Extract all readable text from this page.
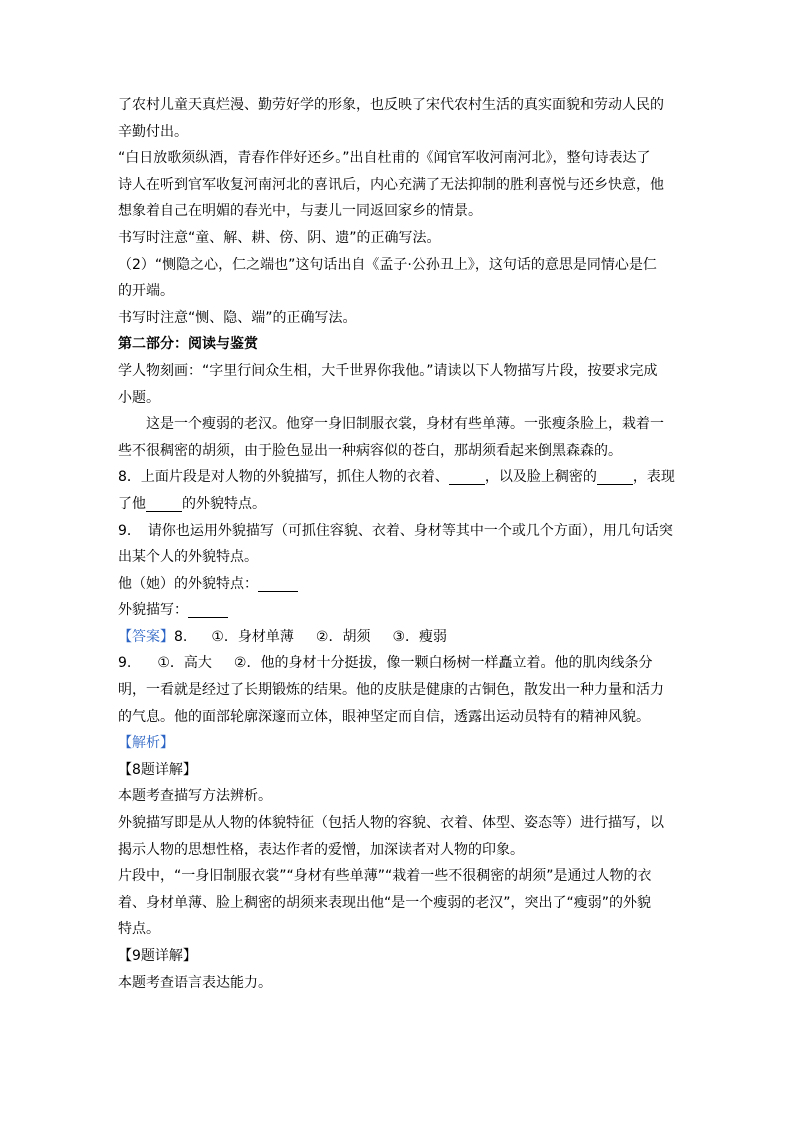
了农村儿童天真烂漫、勤劳好学的形象，也反映了宋代农村生活的真实面貌和劳动人民的

辛勤付出。

“白日放歌须纵酒，青春作伴好还乡。”出自杜甫的《闻官军收河南河北》，整句诗表达了

诗人在听到官军收复河南河北的喜讯后，内心充满了无法抑制的胜利喜悦与还乡快意，他

想象着自己在明媚的春光中，与妻儿一同返回家乡的情景。

书写时注意“童、解、耕、傍、阴、遗”的正确写法。

（2）“恻隐之心，仁之端也”这句话出自《孟子·公孙丑上》，这句话的意思是同情心是仁

的开端。

书写时注意“恻、隐、端”的正确写法。

第二部分：阅读与鉴赏

学人物刻画：“字里行间众生相，大千世界你我他。”请读以下人物描写片段，按要求完成

小题。

这是一个瘦弱的老汉。他穿一身旧制服衣裳，身材有些单薄。一张瘦条脸上，栽着一

些不很稠密的胡须，由于脸色显出一种病容似的苍白，那胡须看起来倒黑森森的。

8．上面片段是对人物的外貌描写，抓住人物的衣着、	，以及脸上稠密的	，表现

了他	的外貌特点。

9．　请你也运用外貌描写（可抓住容貌、衣着、身材等其中一个或几个方面），用几句话突

出某个人的外貌特点。

他（她）的外貌特点：

外貌描写：

【答案】8. ①．身材单薄 ②．胡须 ③．瘦弱

9. ①．高大 ②．他的身材十分挺拔，像一颗白杨树一样矗立着。他的肌肉线条分

明，一看就是经过了长期锻炼的结果。他的皮肤是健康的古铜色，散发出一种力量和活力

的气息。他的面部轮廓深邃而立体，眼神坚定而自信，透露出运动员特有的精神风貌。

【解析】

【8题详解】

本题考查描写方法辨析。

外貌描写即是从人物的体貌特征（包括人物的容貌、衣着、体型、姿态等）进行描写，以

揭示人物的思想性格，表达作者的爱憎，加深读者对人物的印象。

片段中，“一身旧制服衣裳”“身材有些单薄”“栽着一些不很稠密的胡须”是通过人物的衣

着、身材单薄、脸上稠密的胡须来表现出他“是一个瘦弱的老汉”，突出了“瘦弱”的外貌

特点。

【9题详解】

本题考查语言表达能力。
